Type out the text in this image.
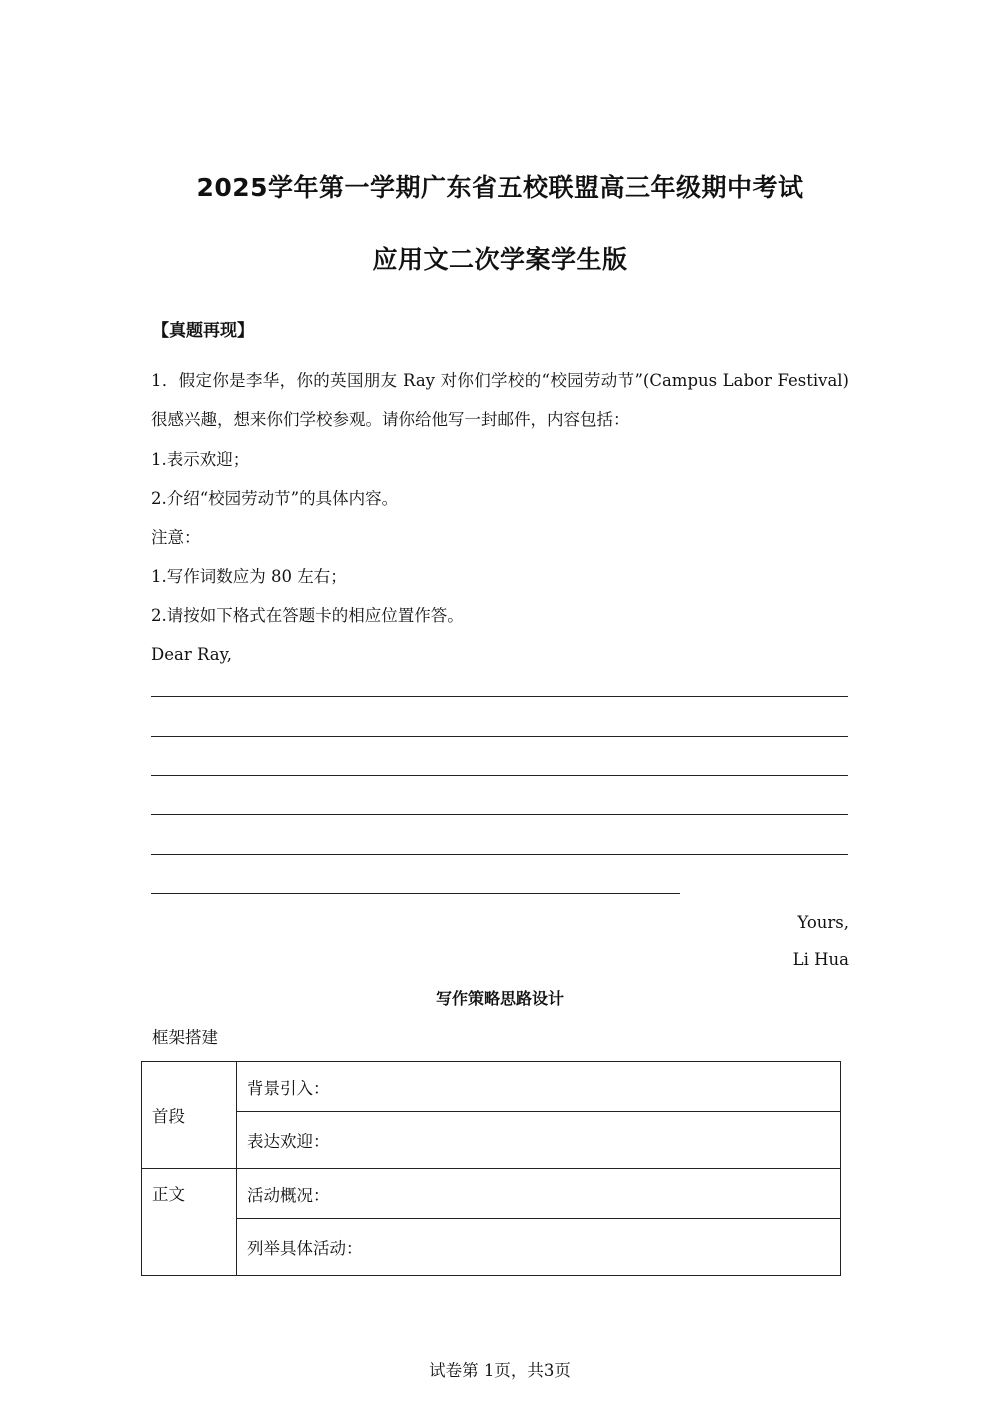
2025学年第一学期广东省五校联盟高三年级期中考试
应用文二次学案学生版
【真题再现】
1．假定你是李华，你的英国朋友 Ray 对你们学校的“校园劳动节”(Campus Labor Festival)
很感兴趣，想来你们学校参观。请你给他写一封邮件，内容包括：
1.表示欢迎；
2.介绍“校园劳动节”的具体内容。
注意：
1.写作词数应为 80 左右；
2.请按如下格式在答题卡的相应位置作答。
Dear Ray,
Yours,
Li Hua
写作策略思路设计
框架搭建
首段	背景引入：
	表达欢迎：
正文	活动概况：
	列举具体活动：
试卷第 1页，共3页
